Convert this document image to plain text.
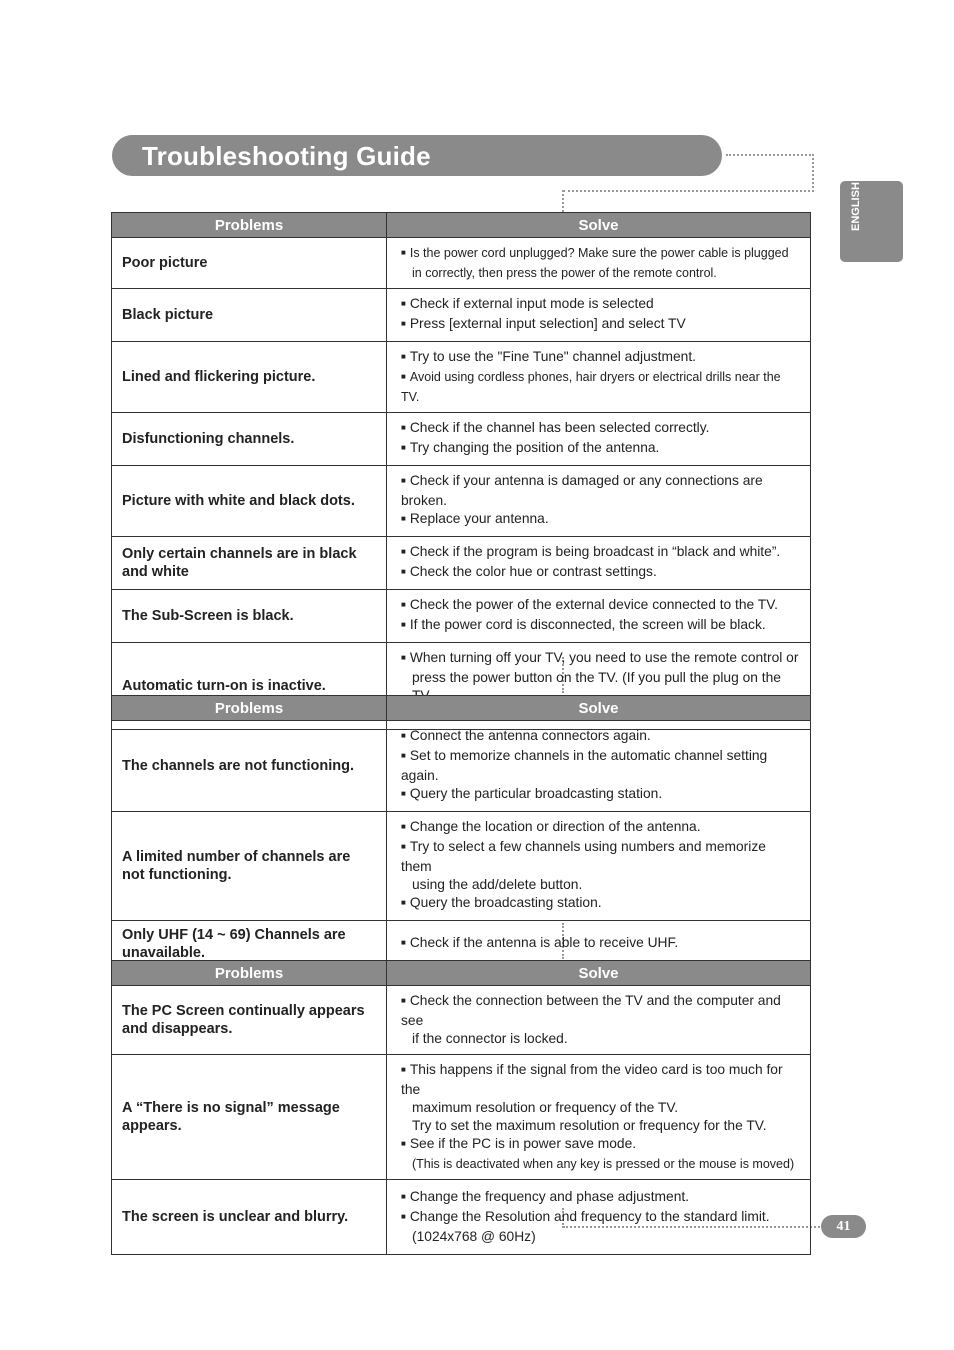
Troubleshooting Guide
ENGLISH
Problems	Solve
Poor picture	■ Is the power cord unplugged? Make sure the power cable is plugged
in correctly, then press the power of the remote control.

Black picture	■ Check if external input mode is selected
■ Press [external input selection] and select TV

Lined and flickering picture.	■ Try to use the "Fine Tune" channel adjustment.
■ Avoid using cordless phones, hair dryers or electrical drills near the TV.

Disfunctioning channels.	■ Check if the channel has been selected correctly.
■ Try changing the position of the antenna.

Picture with white and black dots.	■ Check if your antenna is damaged or any connections are broken.
■ Replace your antenna.

Only certain channels are in black and white	■ Check if the program is being broadcast in “black and white”.
■ Check the color hue or contrast settings.

The Sub-Screen is black.	■ Check the power of the external device connected to the TV.
■ If the power cord is disconnected, the screen will be black.

Automatic turn-on is inactive.	■ When turning off your TV, you need to use the remote control or
press the power button on the TV. (If you pull the plug on the
Problems	Solve
The channels are not functioning.	■ Connect the antenna connectors again.
■ Set to memorize channels in the automatic channel setting again.
■ Query the particular broadcasting station.

A limited number of channels are not functioning.	■ Change the location or direction of the antenna.
■ Try to select a few channels using numbers and memorize them
using the add/delete button.
■ Query the broadcasting station.

Only UHF (14 ~ 69) Channels are unavailable.	■ Check if the antenna is able to receive UHF.
Problems	Solve
The PC Screen continually appears and disappears.	■ Check the connection between the TV and the computer and see
if the connector is locked.

A “There is no signal” message appears.	■ This happens if the signal from the video card is too much for the
maximum resolution or frequency of the TV.
Try to set the maximum resolution or frequency for the TV.
■ See if the PC is in power save mode.
(This is deactivated when any key is pressed or the mouse is moved)

The screen is unclear and blurry.	■ Change the frequency and phase adjustment.
■ Change the Resolution and frequency to the standard limit.
(1024x768 @ 60Hz)
41
